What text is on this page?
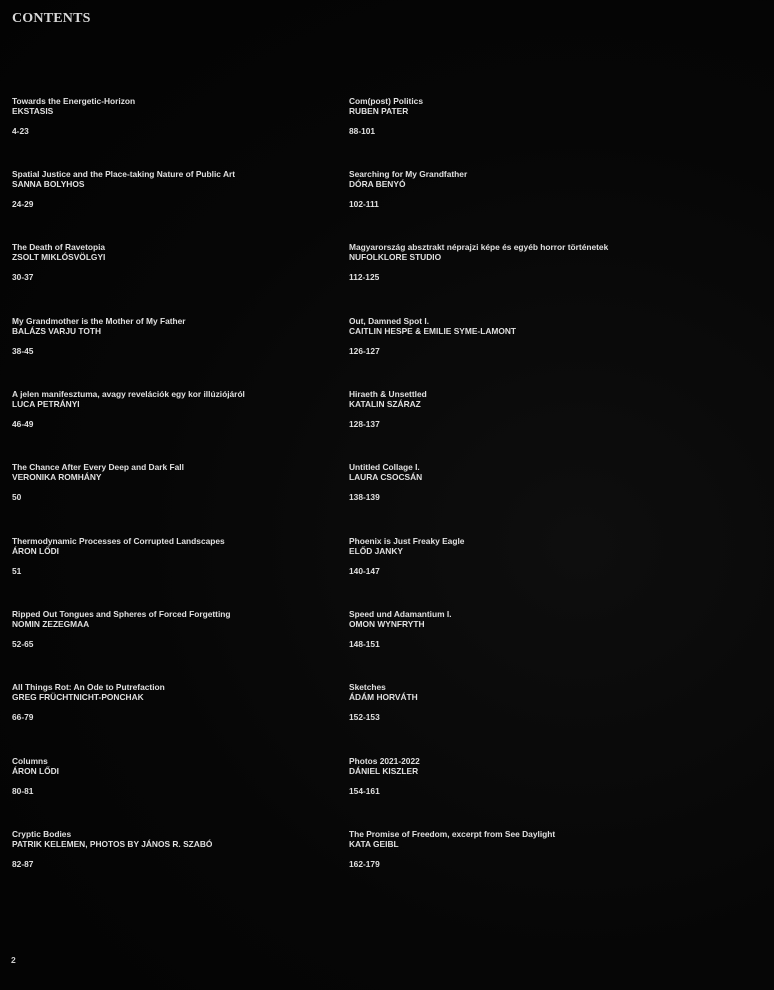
CONTENTS
Towards the Energetic-Horizon
EKSTASIS
4-23
Spatial Justice and the Place-taking Nature of Public Art
SANNA BOLYHOS
24-29
The Death of Ravetopia
ZSOLT MIKLÓSVÖLGYI
30-37
My Grandmother is the Mother of My Father
BALÁZS VARJU TOTH
38-45
A jelen manifesztuma, avagy revelációk egy kor illúziójáról
LUCA PETRÁNYI
46-49
The Chance After Every Deep and Dark Fall
VERONIKA ROMHÁNY
50
Thermodynamic Processes of Corrupted Landscapes
ÁRON LŐDI
51
Ripped Out Tongues and Spheres of Forced Forgetting
NOMIN ZEZEGMAA
52-65
All Things Rot: An Ode to Putrefaction
GREG FRÜCHTNICHT-PONCHAK
66-79
Columns
ÁRON LŐDI
80-81
Cryptic Bodies
PATRIK KELEMEN, PHOTOS BY JÁNOS R. SZABÓ
82-87
Com(post) Politics
RUBEN PATER
88-101
Searching for My Grandfather
DÓRA BENYÓ
102-111
Magyarország absztrakt néprajzi képe és egyéb horror történetek
NUFOLKLORE STUDIO
112-125
Out, Damned Spot I.
CAITLIN HESPE & EMILIE SYME-LAMONT
126-127
Hiraeth & Unsettled
KATALIN SZÁRAZ
128-137
Untitled Collage I.
LAURA CSOCSÁN
138-139
Phoenix is Just Freaky Eagle
ELŐD JANKY
140-147
Speed und Adamantium I.
OMON WYNFRYTH
148-151
Sketches
ÁDÁM HORVÁTH
152-153
Photos 2021-2022
DÁNIEL KISZLER
154-161
The Promise of Freedom, excerpt from See Daylight
KATA GEIBL
162-179
2
